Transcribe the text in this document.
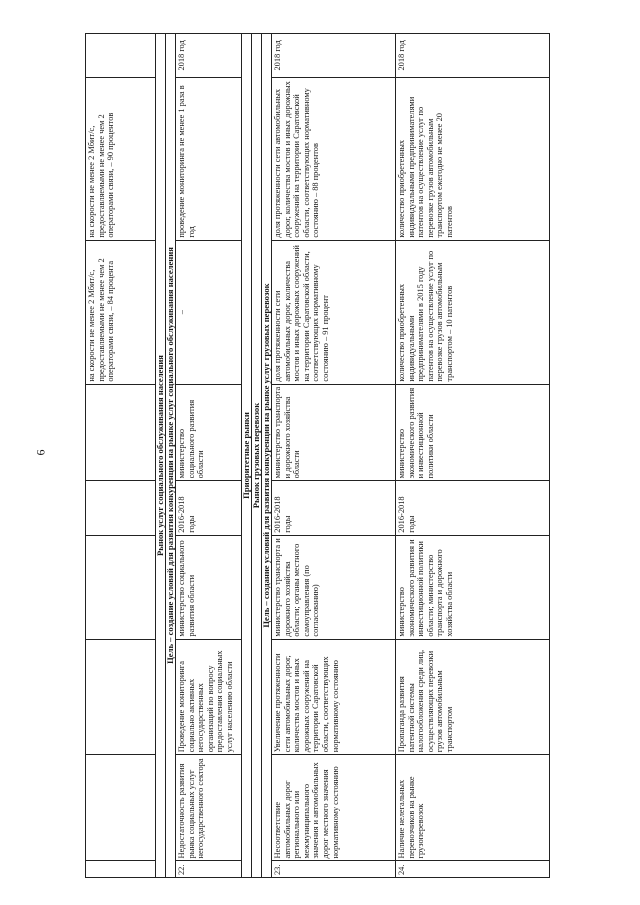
6
						на скорости не менее 2 Мбит/с, предоставляемыми не менее чем 2 операторами связи, – 84 процента	на скорости не менее 2 Мбит/с, предоставляемыми не менее чем 2 операторами связи, – 90 процентов	
Рынок услуг социального обслуживания населения								
Цель – создание условий для развития конкуренции на рынке услуг социального обслуживания населения								
22.	Недостаточность развития рынка социальных услуг негосударственного сектора	Проведение мониторинга социально активных негосударственных организаций по вопросу предоставления социальных услуг населению области	министерство социального развития области	2016-2018 годы	министерство социального развития области	–	проведение мониторинга не менее 1 раза в год	2018 год
Приоритетные рынки								
Рынок грузовых перевозок								
Цель – создание условий для развития конкуренции на рынке услуг грузовых перевозок								
23.	Несоответствие автомобильных дорог регионального или межмуниципального значения и автомобильных дорог местного значения нормативному состоянию	Увеличение протяженности сети автомобильных дорог, количества мостов и иных дорожных сооружений на территории Саратовской области, соответствующих нормативному состоянию	министерство транспорта и дорожного хозяйства области; органы местного самоуправления (по согласованию)	2016-2018 годы	министерство транспорта и дорожного хозяйства области	доля протяженности сети автомобильных дорог, количества мостов и иных дорожных сооружений на территории Саратовской области, соответствующих нормативному состоянию – 91 процент	доля протяженности сети автомобильных дорог, количества мостов и иных дорожных сооружений на территории Саратовской области, соответствующих нормативному состоянию – 88 процентов	2018 год
24.	Наличие нелегальных перевозчиков на рынке грузоперевозок	Пропаганда развития патентной системы налогообложения среди лиц, осуществляющих перевозки грузов автомобильным транспортом	министерство экономического развития и инвестиционной политики области; министерство транспорта и дорожного хозяйства области	2016-2018 годы	министерство экономического развития и инвестиционной политики области	количество приобретенных индивидуальными предпринимателями в 2015 году патентов на осуществление услуг по перевозке грузов автомобильным транспортом – 10 патентов	количество приобретенных индивидуальными предпринимателями патентов на осуществление услуг по перевозке грузов автомобильным транспортом ежегодно не менее 20 патентов	2018 год
